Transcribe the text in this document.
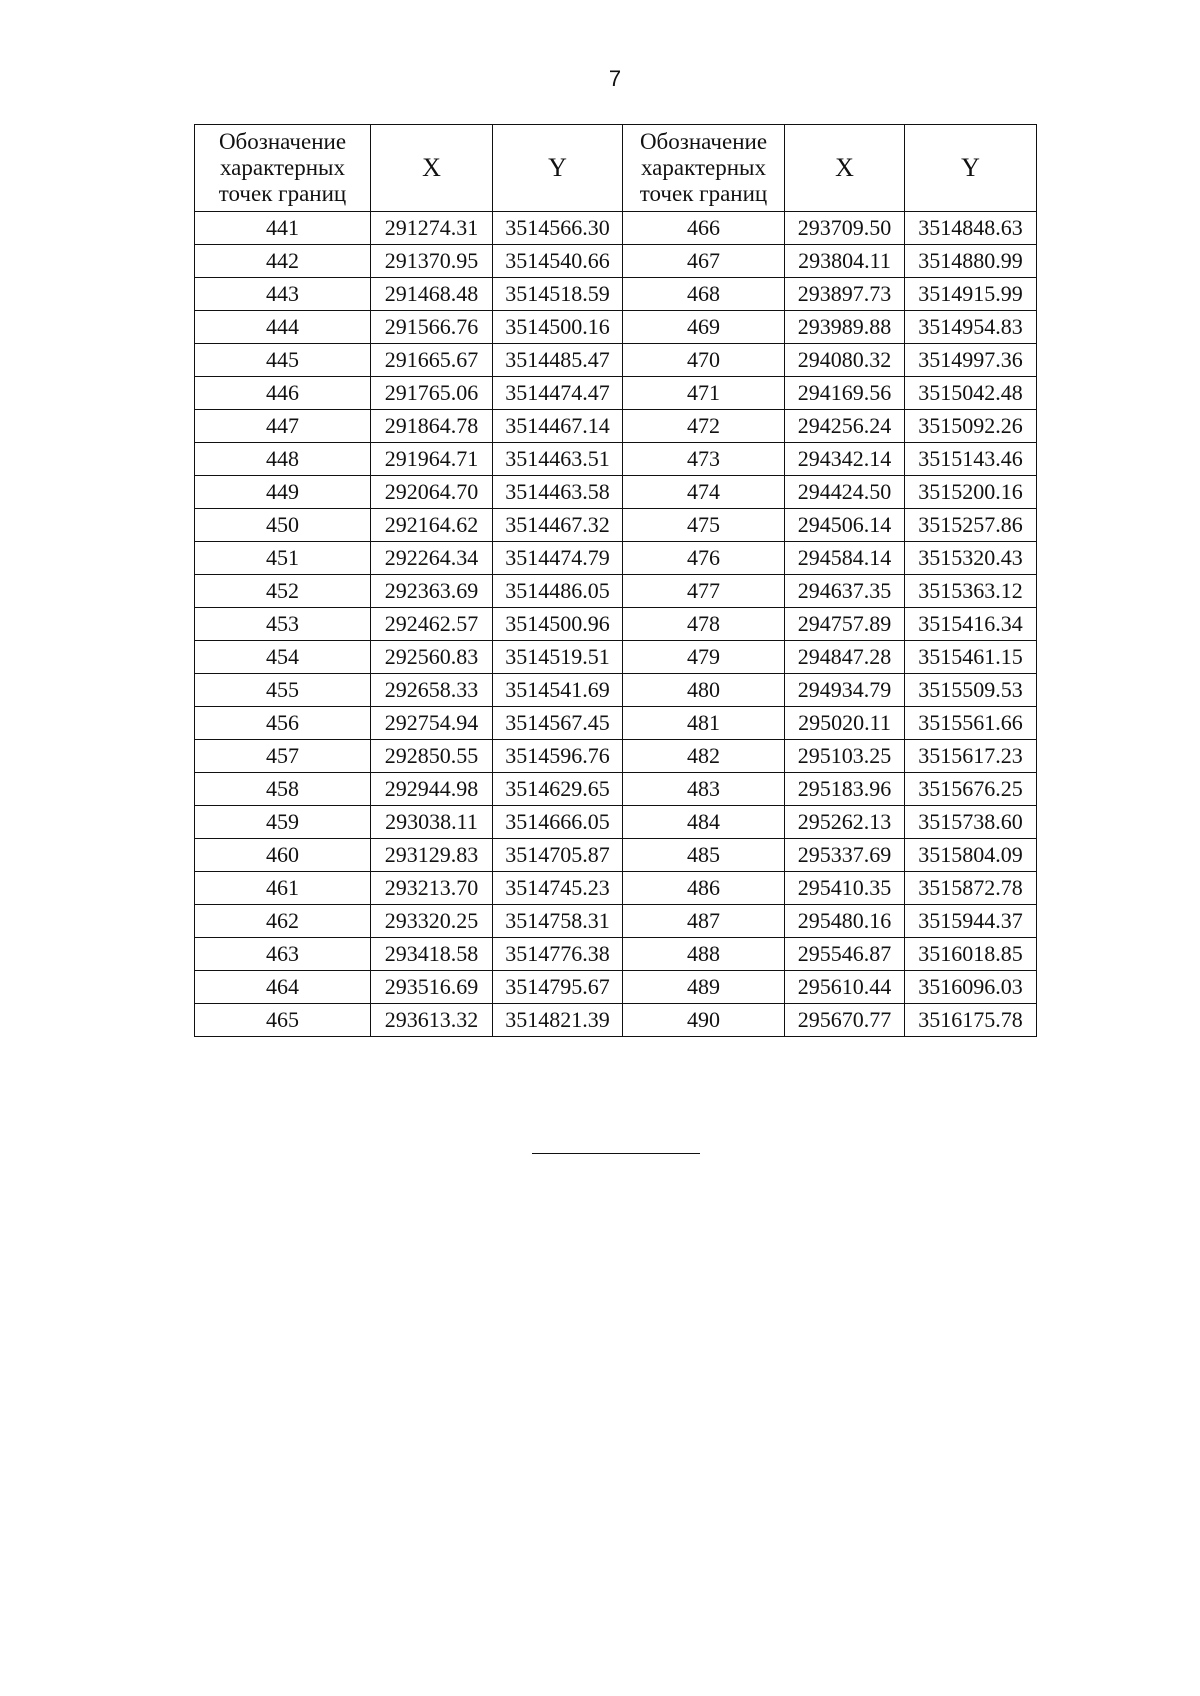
7
Обозначение характерных точек границ	X	Y	Обозначение характерных точек границ	X	Y
441	291274.31	3514566.30	466	293709.50	3514848.63
442	291370.95	3514540.66	467	293804.11	3514880.99
443	291468.48	3514518.59	468	293897.73	3514915.99
444	291566.76	3514500.16	469	293989.88	3514954.83
445	291665.67	3514485.47	470	294080.32	3514997.36
446	291765.06	3514474.47	471	294169.56	3515042.48
447	291864.78	3514467.14	472	294256.24	3515092.26
448	291964.71	3514463.51	473	294342.14	3515143.46
449	292064.70	3514463.58	474	294424.50	3515200.16
450	292164.62	3514467.32	475	294506.14	3515257.86
451	292264.34	3514474.79	476	294584.14	3515320.43
452	292363.69	3514486.05	477	294637.35	3515363.12
453	292462.57	3514500.96	478	294757.89	3515416.34
454	292560.83	3514519.51	479	294847.28	3515461.15
455	292658.33	3514541.69	480	294934.79	3515509.53
456	292754.94	3514567.45	481	295020.11	3515561.66
457	292850.55	3514596.76	482	295103.25	3515617.23
458	292944.98	3514629.65	483	295183.96	3515676.25
459	293038.11	3514666.05	484	295262.13	3515738.60
460	293129.83	3514705.87	485	295337.69	3515804.09
461	293213.70	3514745.23	486	295410.35	3515872.78
462	293320.25	3514758.31	487	295480.16	3515944.37
463	293418.58	3514776.38	488	295546.87	3516018.85
464	293516.69	3514795.67	489	295610.44	3516096.03
465	293613.32	3514821.39	490	295670.77	3516175.78
